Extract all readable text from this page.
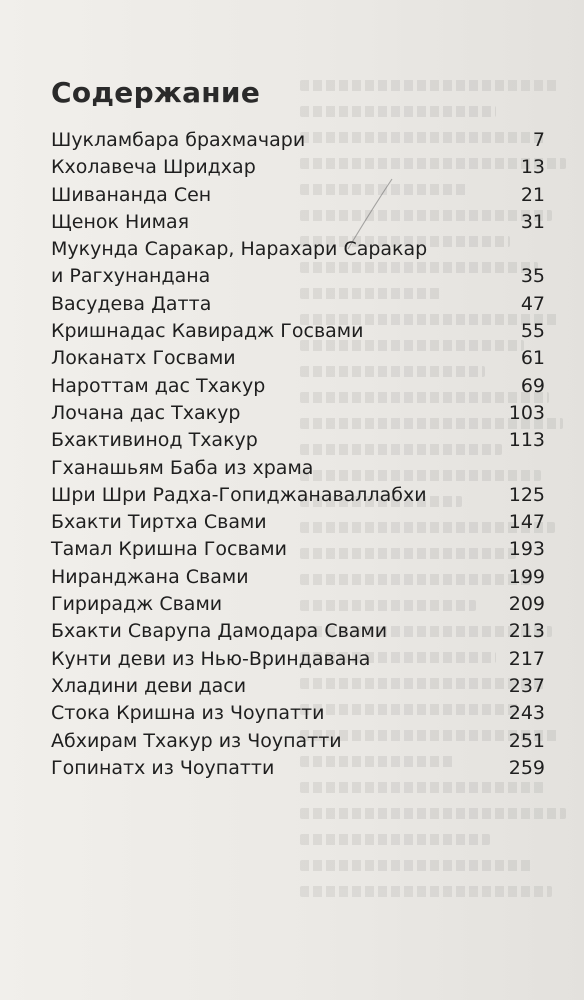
Содержание
Шукламбара брахмачари	7
Кхолавеча Шридхар	13
Шивананда Сен	21
Щенок Нимая	31
Мукунда Саракар, Нарахари Саракар
и Рагхунандана	35
Васудева Датта	47
Кришнадас Кавирадж Госвами	55
Локанатх Госвами	61
Нароттам дас Тхакур	69
Лочана дас Тхакур	103
Бхактивинод Тхакур	113
Гханашьям Баба из храма
Шри Шри Радха-Гопиджанаваллабхи	125
Бхакти Тиртха Свами	147
Тамал Кришна Госвами	193
Ниранджана Свами	199
Гирирадж Свами	209
Бхакти Сварупа Дамодара Свами	213
Кунти деви из Нью-Вриндавана	217
Хладини деви даси	237
Стока Кришна из Чоупатти	243
Абхирам Тхакур из Чоупатти	251
Гопинатх из Чоупатти	259
